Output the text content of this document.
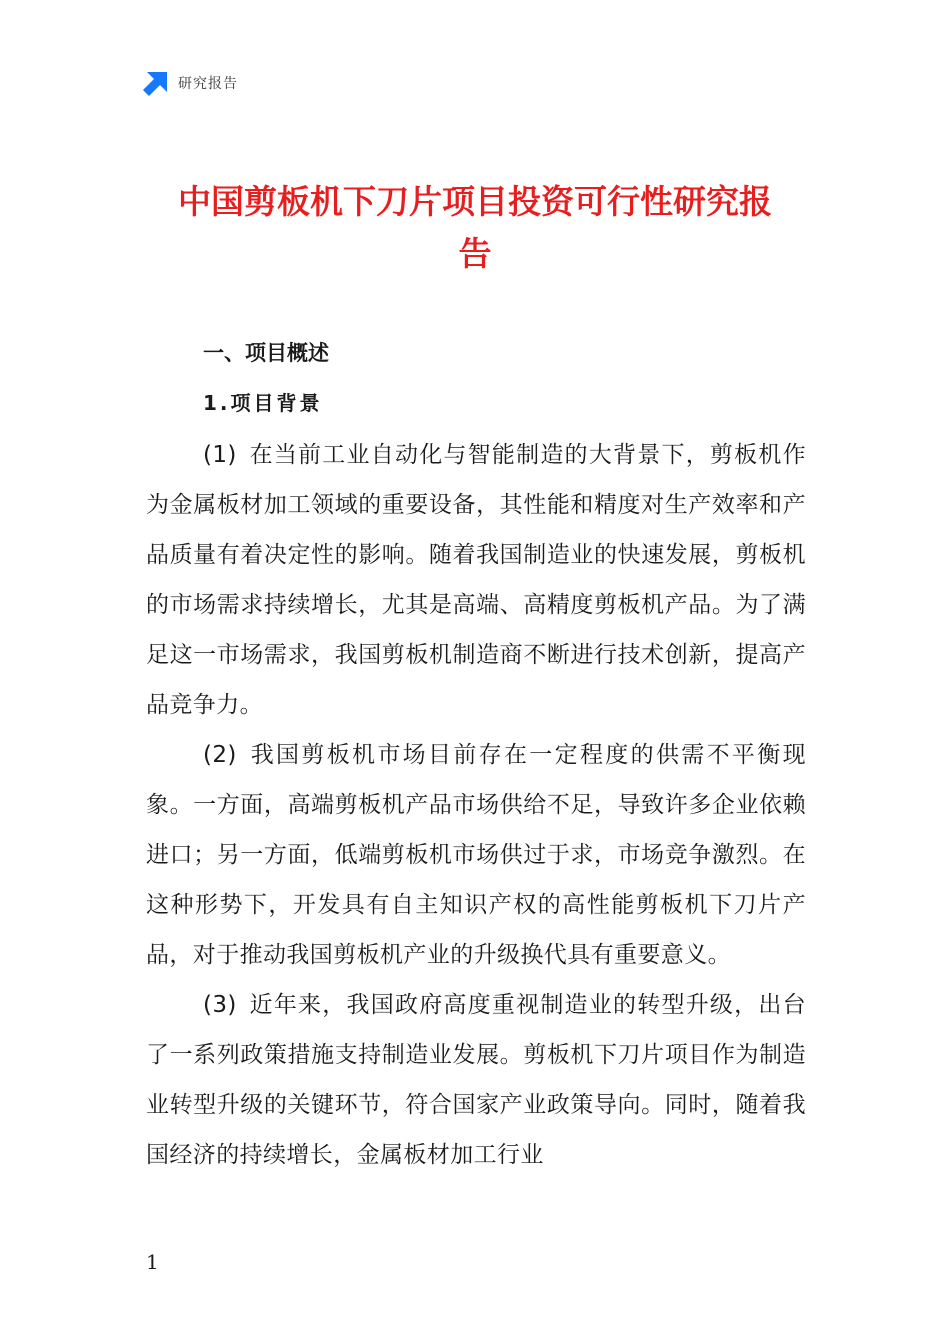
研究报告
中国剪板机下刀片项目投资可行性研究报
告
一、项目概述
1.项目背景

(1) 在当前工业自动化与智能制造的大背景下，剪板机作为金属板材加工领域的重要设备，其性能和精度对生产效率和产品质量有着决定性的影响。随着我国制造业的快速发展，剪板机的市场需求持续增长，尤其是高端、高精度剪板机产品。为了满足这一市场需求，我国剪板机制造商不断进行技术创新，提高产品竞争力。

(2) 我国剪板机市场目前存在一定程度的供需不平衡现象。一方面，高端剪板机产品市场供给不足，导致许多企业依赖进口；另一方面，低端剪板机市场供过于求，市场竞争激烈。在这种形势下，开发具有自主知识产权的高性能剪板机下刀片产品，对于推动我国剪板机产业的升级换代具有重要意义。

(3) 近年来，我国政府高度重视制造业的转型升级，出台了一系列政策措施支持制造业发展。剪板机下刀片项目作为制造业转型升级的关键环节，符合国家产业政策导向。同时，随着我国经济的持续增长，金属板材加工行业

1
